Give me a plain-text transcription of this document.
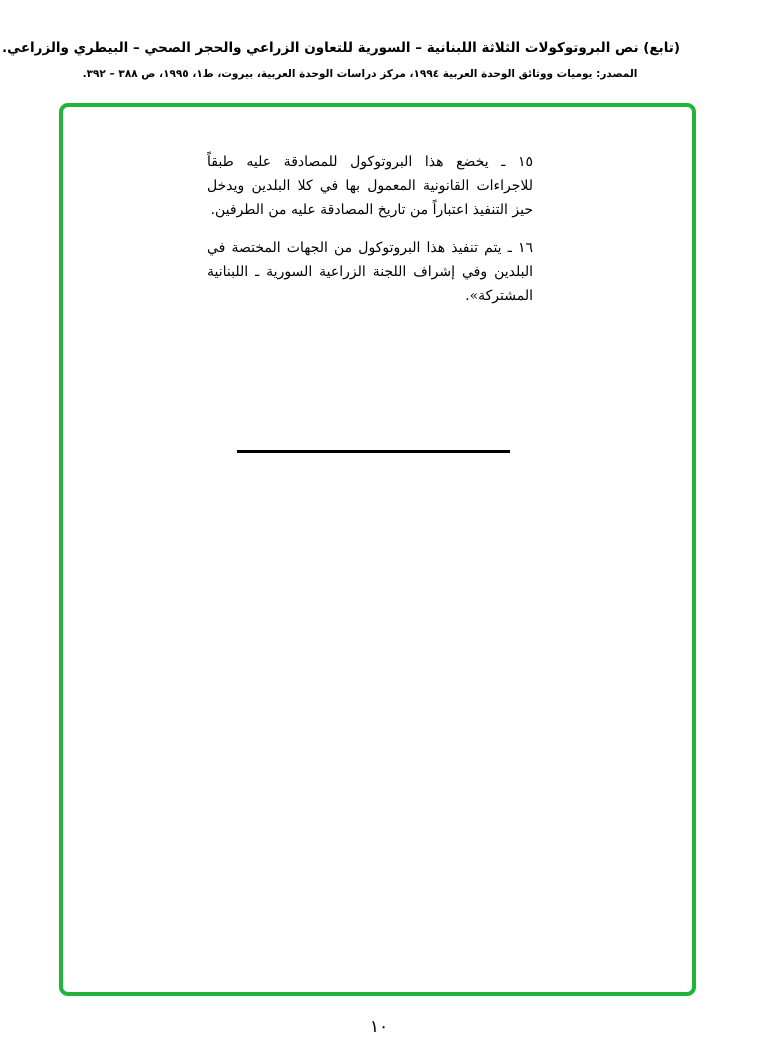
(تابع) نص البروتوكولات الثلاثة اللبنانية – السورية للتعاون الزراعي والحجر الصحي – البيطري والزراعي.
المصدر: يوميات ووثائق الوحدة العربية ١٩٩٤، مركز دراسات الوحدة العربية، بيروت، ط١، ١٩٩٥، ص ٣٨٨ – ٣٩٢.

١٥ ـ يخضع هذا البروتوكول للمصادقة عليه طبقاً للاجراءات القانونية المعمول بها في كلا البلدين ويدخل حيز التنفيذ اعتباراً من تاريخ المصادقة عليه من الطرفين.

١٦ ـ يتم تنفيذ هذا البروتوكول من الجهات المختصة في البلدين وفي إشراف اللجنة الزراعية السورية ـ اللبنانية المشتركة».

١٠
